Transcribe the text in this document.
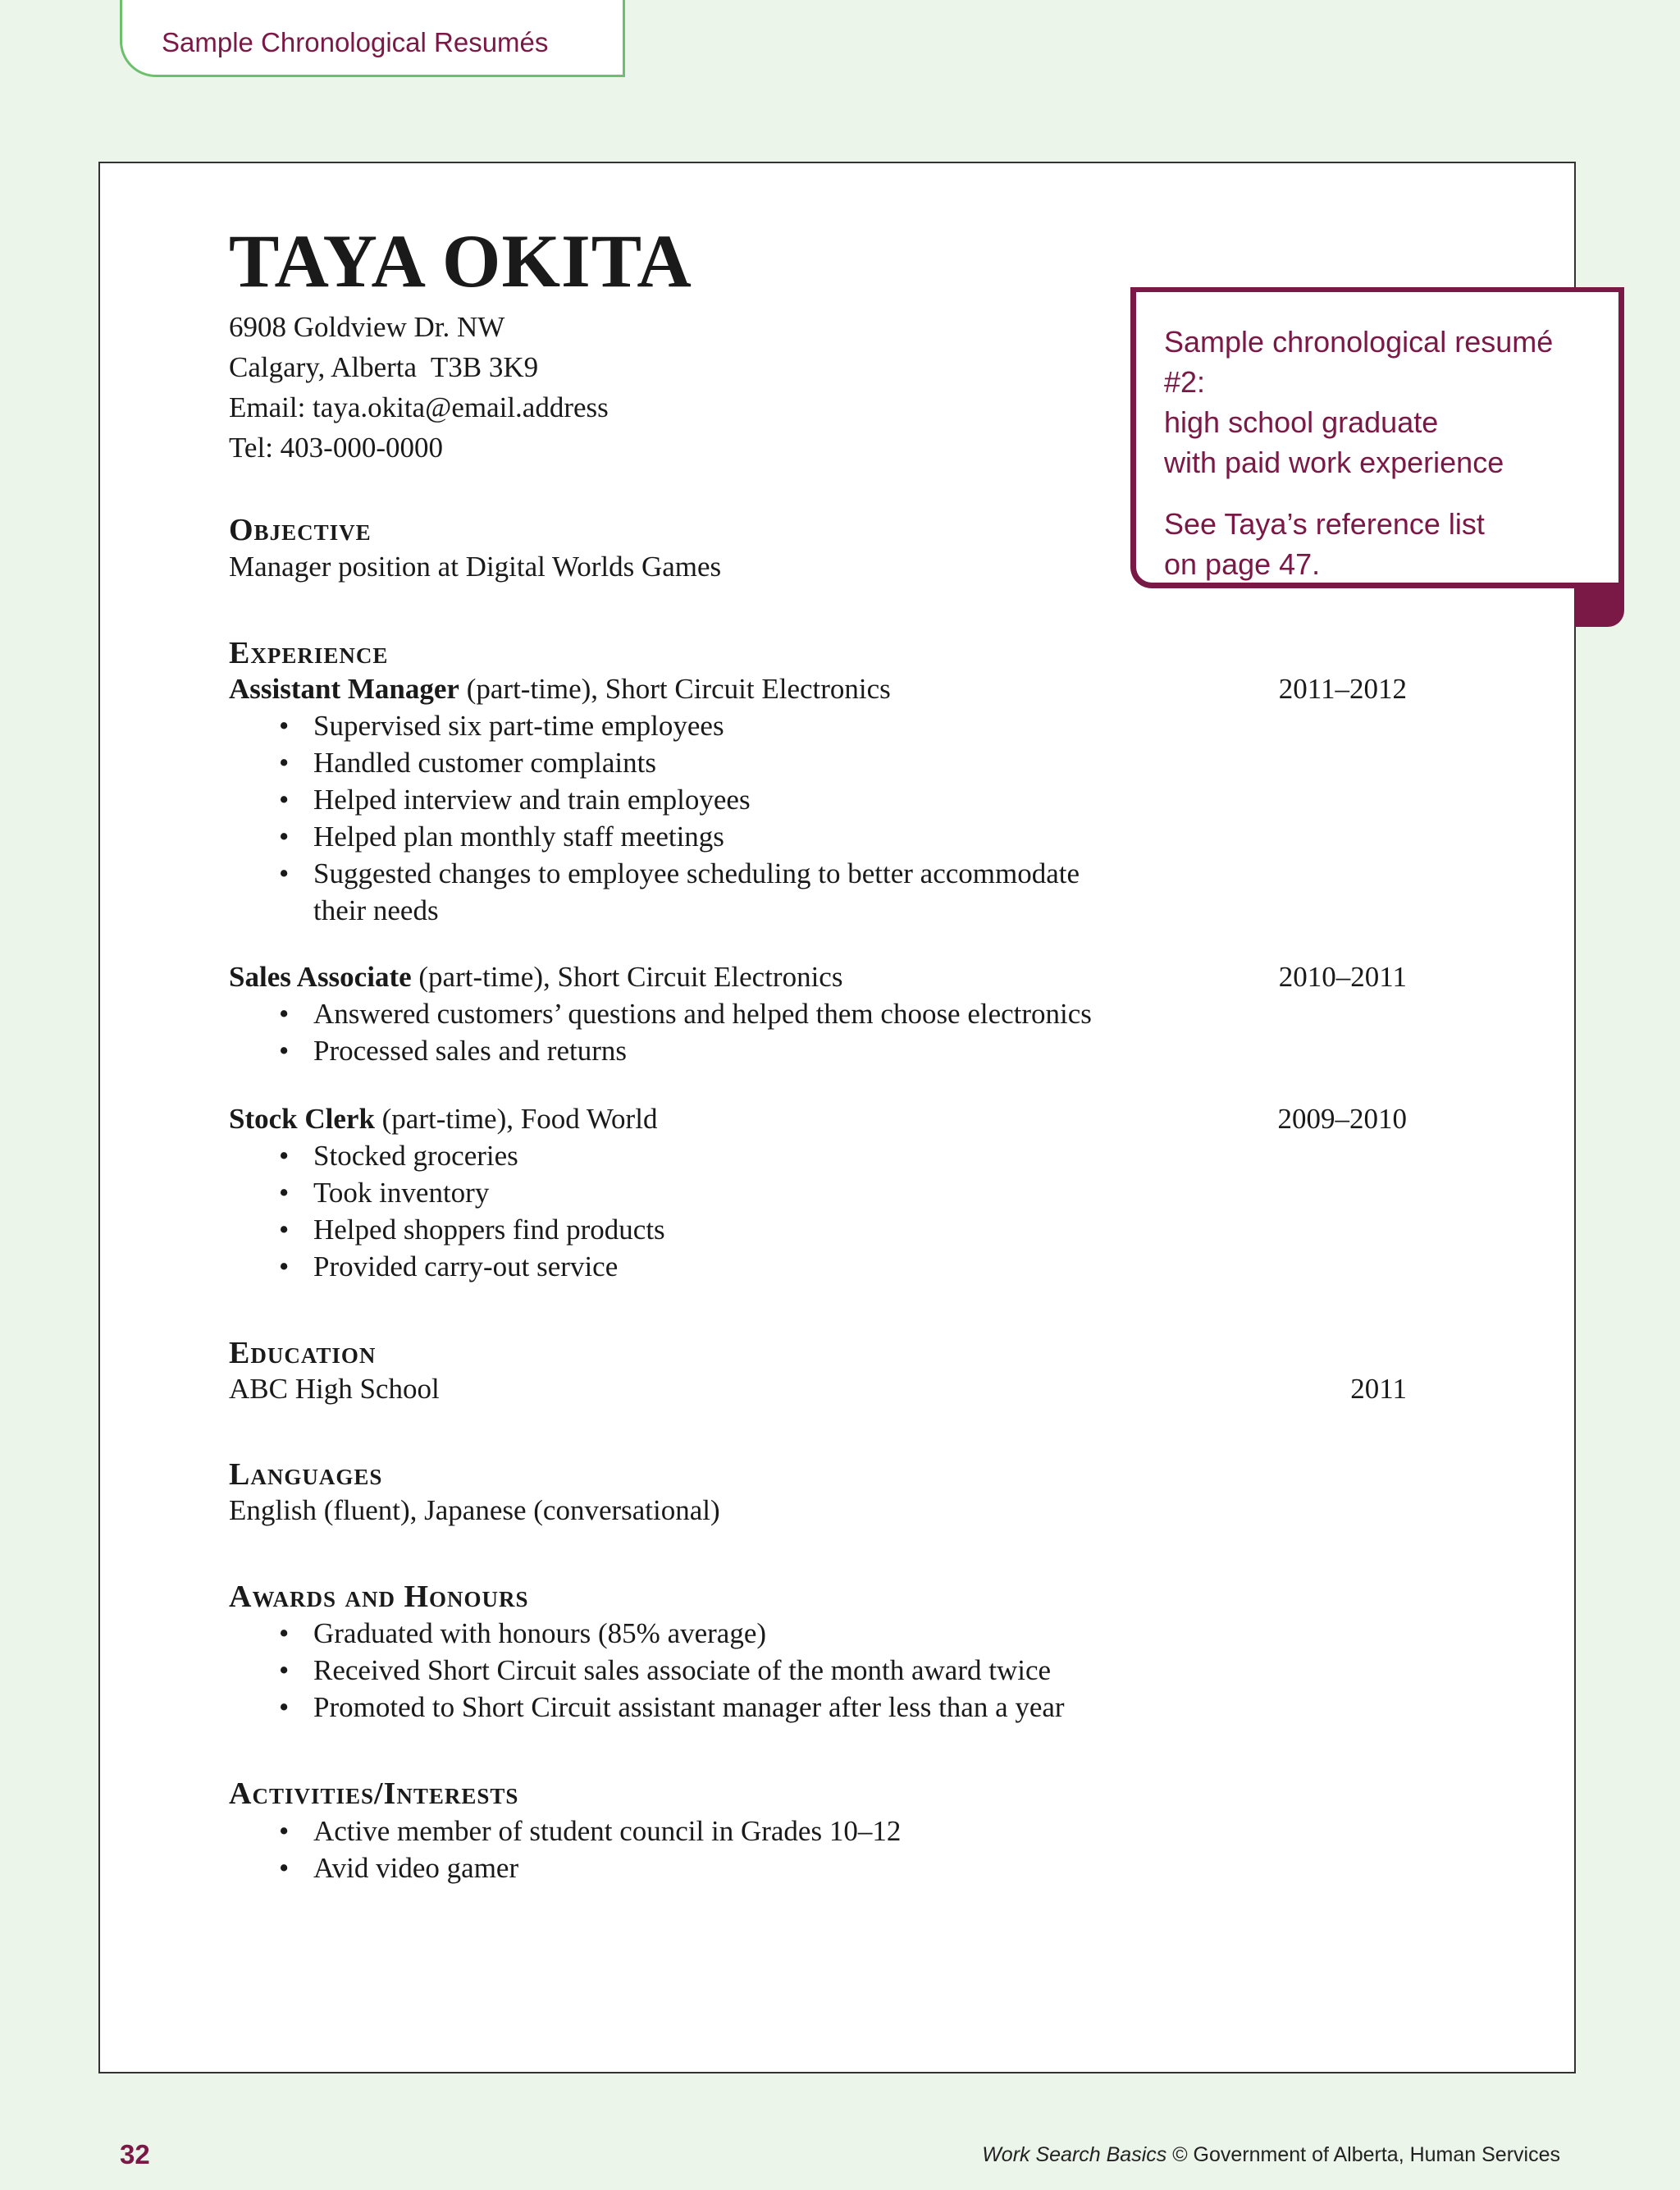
Sample Chronological Resumés
TAYA OKITA
6908 Goldview Dr. NW
Calgary, Alberta  T3B 3K9
Email: taya.okita@email.address
Tel: 403-000-0000
Objective
Manager position at Digital Worlds Games
Experience
Assistant Manager (part-time), Short Circuit Electronics	2011–2012
• Supervised six part-time employees
• Handled customer complaints
• Helped interview and train employees
• Helped plan monthly staff meetings
• Suggested changes to employee scheduling to better accommodate
their needs
Sales Associate (part-time), Short Circuit Electronics	2010–2011
• Answered customers’ questions and helped them choose electronics
• Processed sales and returns
Stock Clerk (part-time), Food World	2009–2010
• Stocked groceries
• Took inventory
• Helped shoppers find products
• Provided carry-out service
Education
ABC High School	2011
Languages
English (fluent), Japanese (conversational)
Awards and Honours
• Graduated with honours (85% average)
• Received Short Circuit sales associate of the month award twice
• Promoted to Short Circuit assistant manager after less than a year
Activities/Interests
• Active member of student council in Grades 10–12
• Avid video gamer
Sample chronological resumé #2:
high school graduate
with paid work experience
See Taya’s reference list
on page 47.
32	Work Search Basics © Government of Alberta, Human Services
